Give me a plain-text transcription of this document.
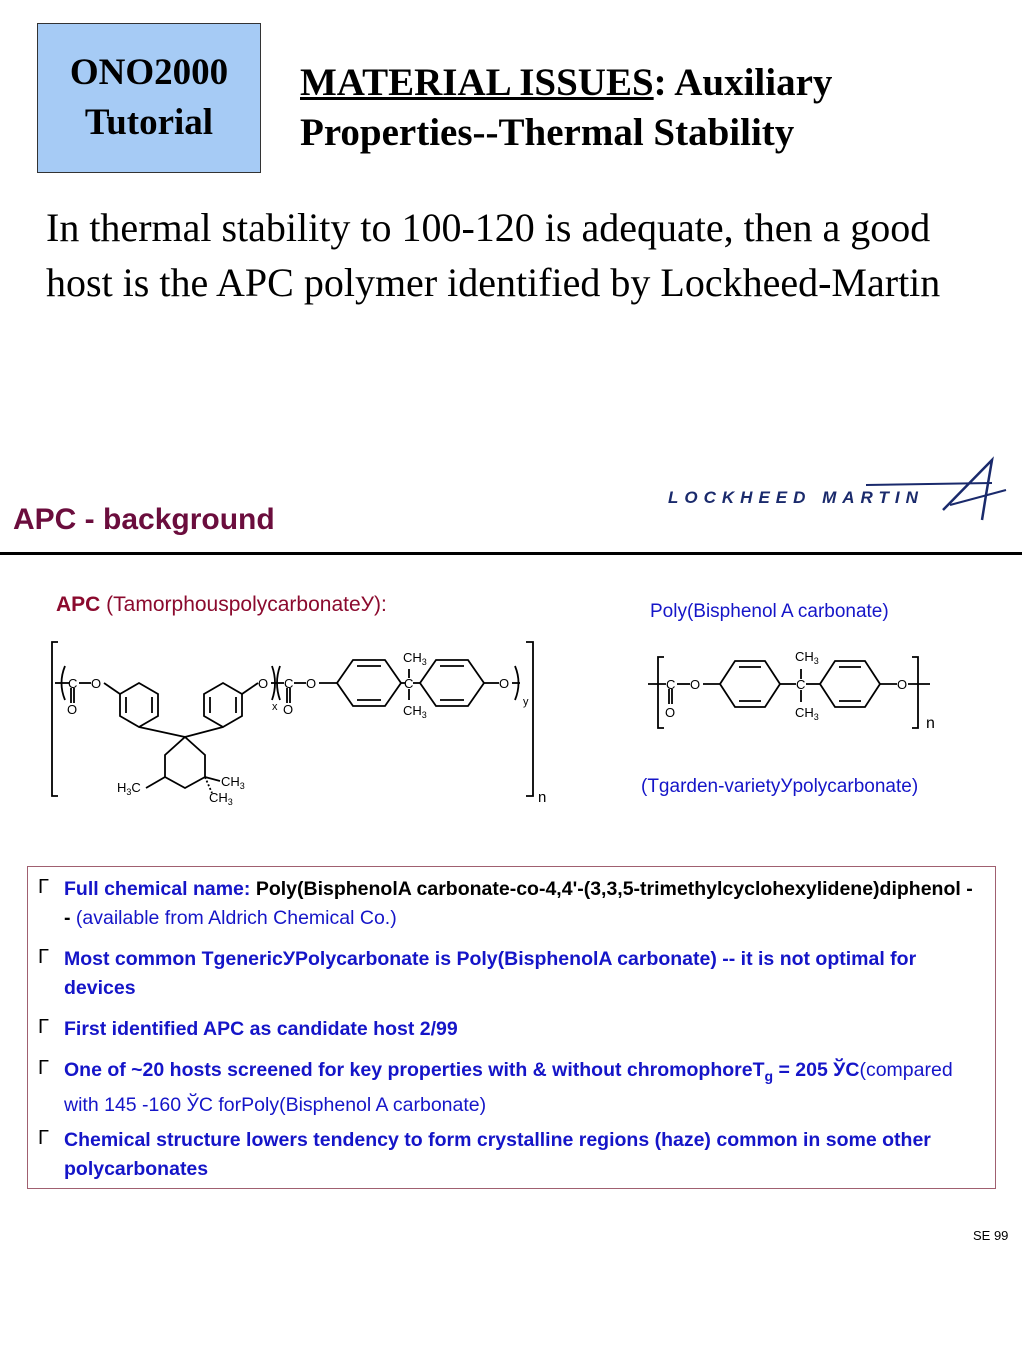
ONO2000
Tutorial
MATERIAL ISSUES: Auxiliary
Properties--Thermal Stability
In thermal stability to 100-120 is adequate, then a good host is the APC polymer identified by Lockheed-Martin
LOCKHEED MARTIN
APC - background
APC (TamorphouspolycarbonateУ):	Poly(Bisphenol A carbonate)
(Tgarden-varietyУpolycarbonate)
C O
O
O
x
C
O
O	C
$CH_3$
$CH_3$
O
y
$H_3C$	$CH_3$
$CH_3$	n
C O
O
C
$CH_3$
$CH_3$
O
n
Г Full chemical name: Poly(BisphenolA carbonate-co-4,4'-(3,3,5-trimethylcyclohexylidene)diphenol -- (available from Aldrich Chemical Co.)
Г Most common TgenericУPolycarbonate is Poly(BisphenolA carbonate) -- it is not optimal for devices
Г First identified APC as candidate host 2/99
Г One of ~20 hosts screened for key properties with & without chromophoreT$_g$ = 205 ЎС(compared with 145 -160 ЎС forPoly(Bisphenol A carbonate)
Г Chemical structure lowers tendency to form crystalline regions (haze) common in some other polycarbonates
SE 99
